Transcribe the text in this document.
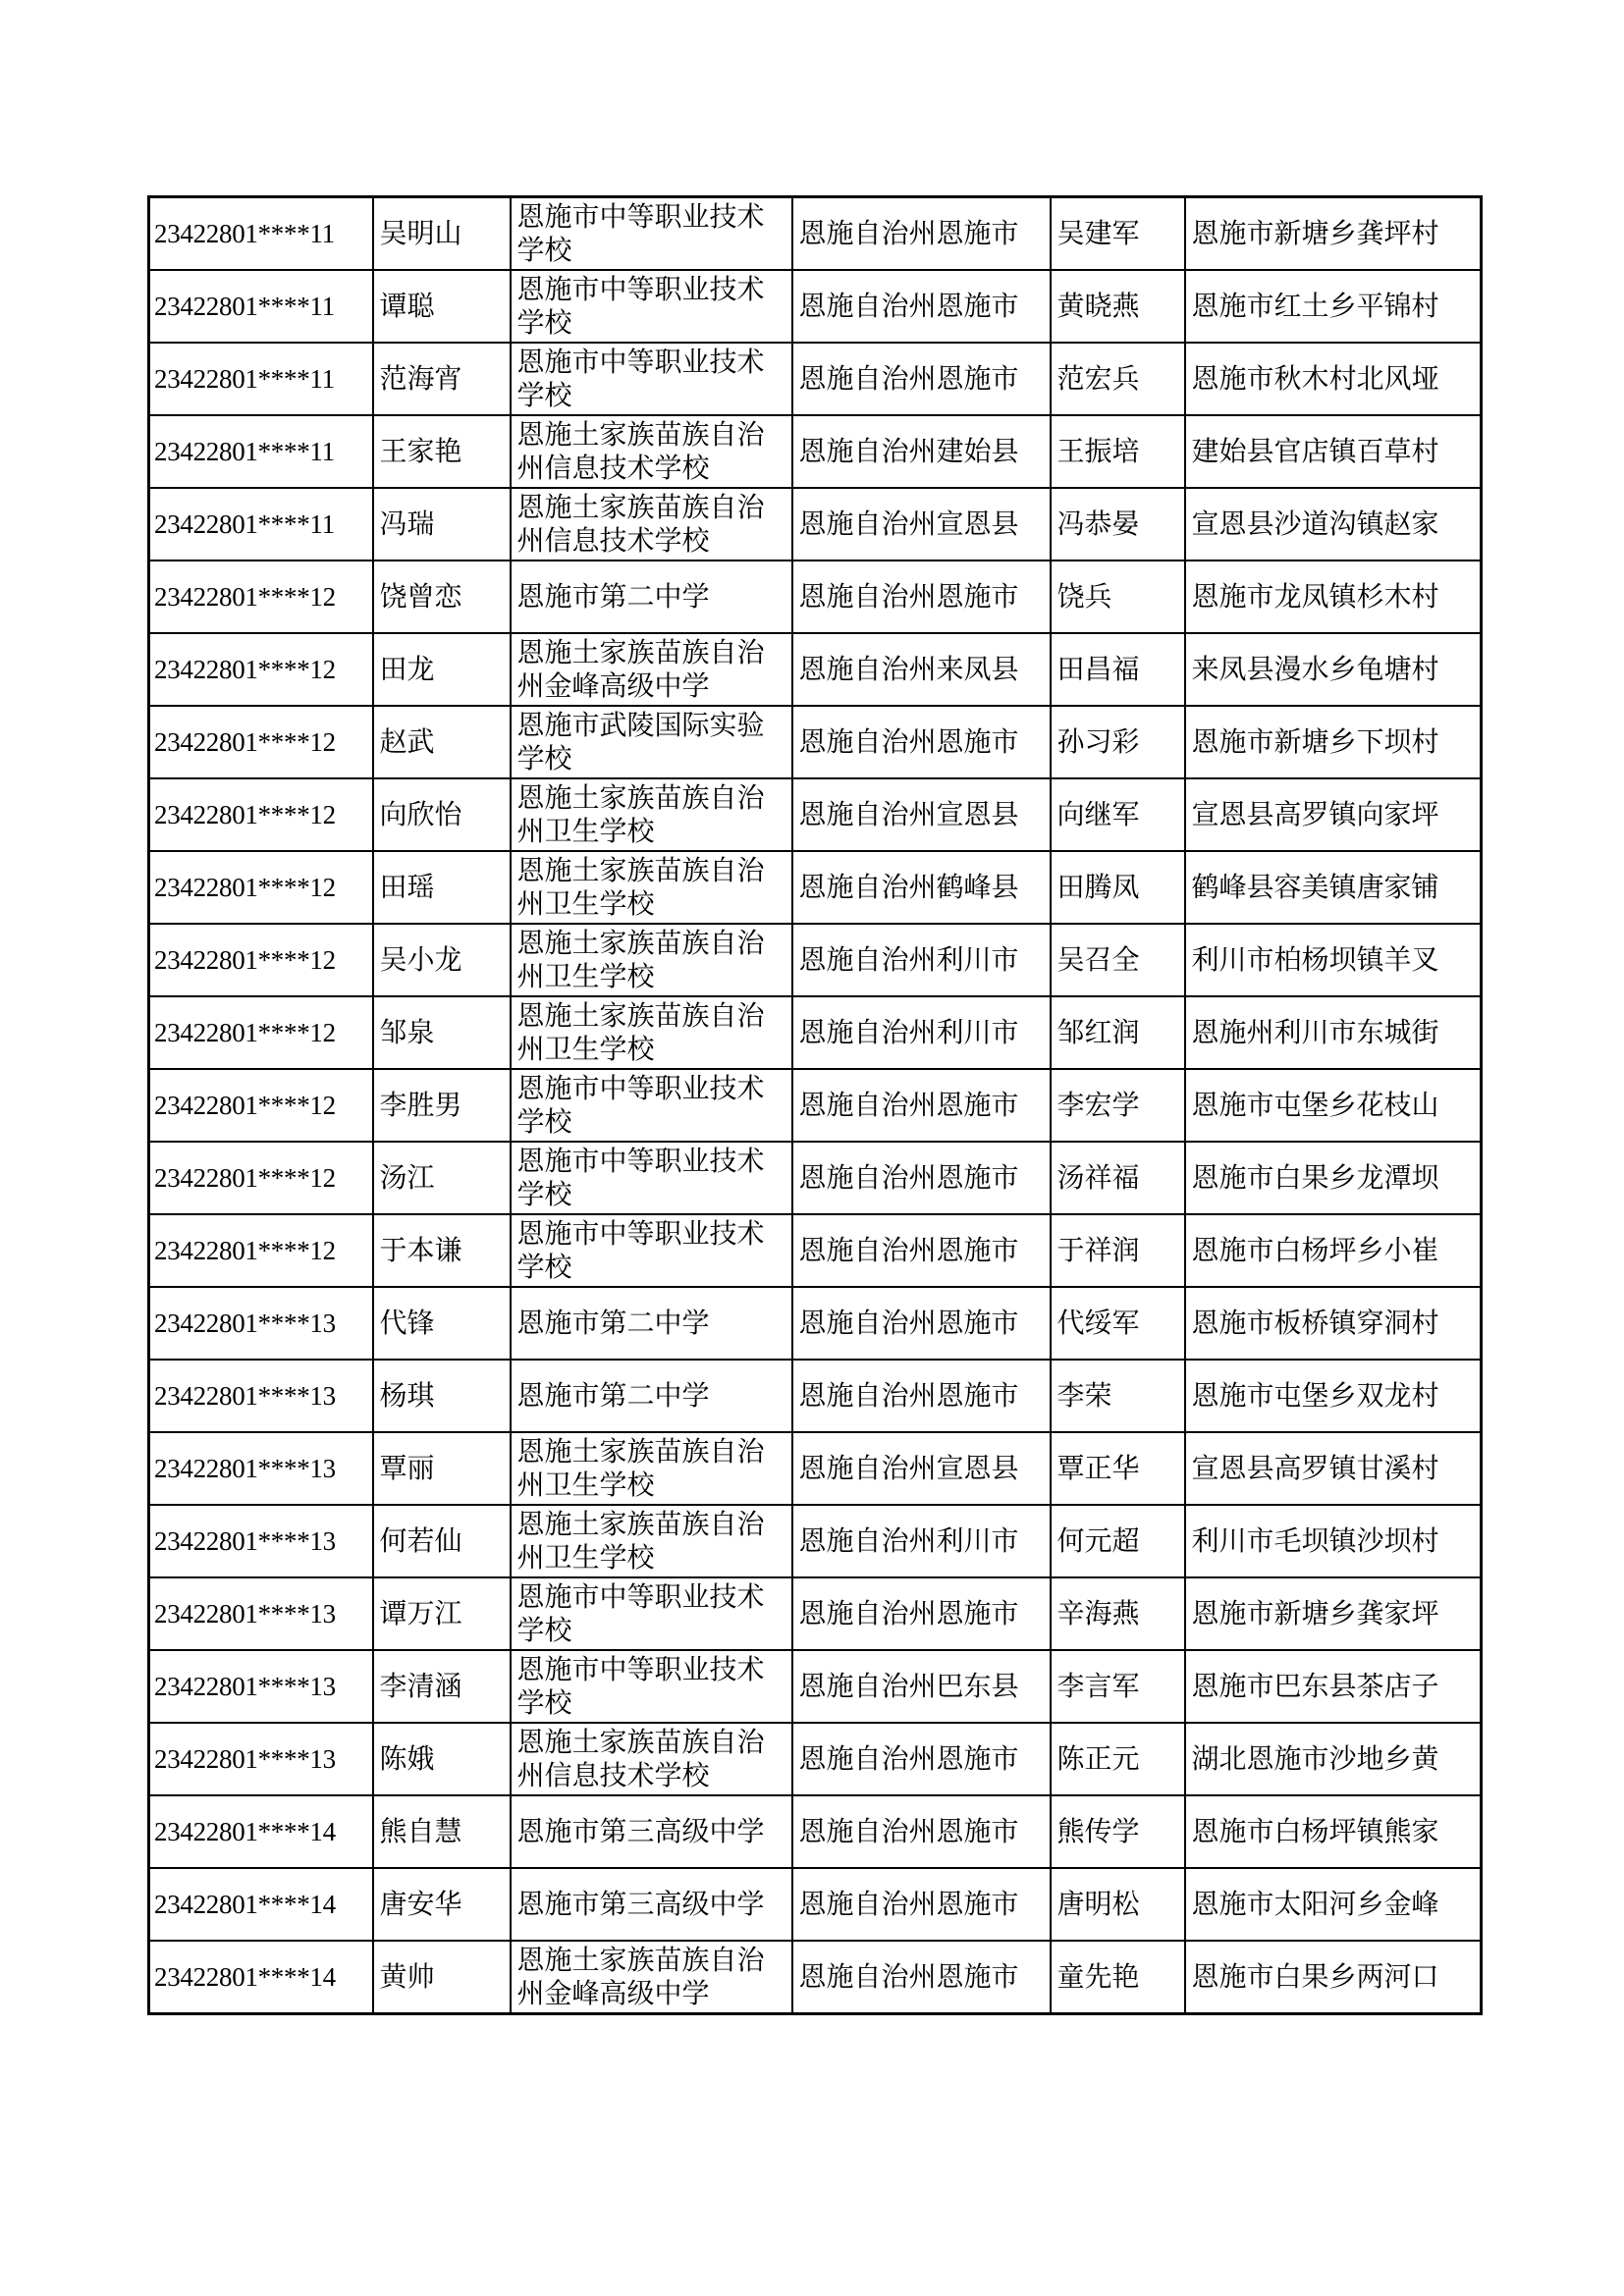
23422801****11	吴明山	恩施市中等职业技术学校	恩施自治州恩施市	吴建军	恩施市新塘乡龚坪村
23422801****11	谭聪	恩施市中等职业技术学校	恩施自治州恩施市	黄晓燕	恩施市红土乡平锦村
23422801****11	范海宵	恩施市中等职业技术学校	恩施自治州恩施市	范宏兵	恩施市秋木村北风垭
23422801****11	王家艳	恩施土家族苗族自治州信息技术学校	恩施自治州建始县	王振培	建始县官店镇百草村
23422801****11	冯瑞	恩施土家族苗族自治州信息技术学校	恩施自治州宣恩县	冯恭晏	宣恩县沙道沟镇赵家
23422801****12	饶曾恋	恩施市第二中学	恩施自治州恩施市	饶兵	恩施市龙凤镇杉木村
23422801****12	田龙	恩施土家族苗族自治州金峰高级中学	恩施自治州来凤县	田昌福	来凤县漫水乡龟塘村
23422801****12	赵武	恩施市武陵国际实验学校	恩施自治州恩施市	孙习彩	恩施市新塘乡下坝村
23422801****12	向欣怡	恩施土家族苗族自治州卫生学校	恩施自治州宣恩县	向继军	宣恩县高罗镇向家坪
23422801****12	田瑶	恩施土家族苗族自治州卫生学校	恩施自治州鹤峰县	田腾凤	鹤峰县容美镇唐家铺
23422801****12	吴小龙	恩施土家族苗族自治州卫生学校	恩施自治州利川市	吴召全	利川市柏杨坝镇羊叉
23422801****12	邹泉	恩施土家族苗族自治州卫生学校	恩施自治州利川市	邹红润	恩施州利川市东城街
23422801****12	李胜男	恩施市中等职业技术学校	恩施自治州恩施市	李宏学	恩施市屯堡乡花枝山
23422801****12	汤江	恩施市中等职业技术学校	恩施自治州恩施市	汤祥福	恩施市白果乡龙潭坝
23422801****12	于本谦	恩施市中等职业技术学校	恩施自治州恩施市	于祥润	恩施市白杨坪乡小崔
23422801****13	代锋	恩施市第二中学	恩施自治州恩施市	代绥军	恩施市板桥镇穿洞村
23422801****13	杨琪	恩施市第二中学	恩施自治州恩施市	李荣	恩施市屯堡乡双龙村
23422801****13	覃丽	恩施土家族苗族自治州卫生学校	恩施自治州宣恩县	覃正华	宣恩县高罗镇甘溪村
23422801****13	何若仙	恩施土家族苗族自治州卫生学校	恩施自治州利川市	何元超	利川市毛坝镇沙坝村
23422801****13	谭万江	恩施市中等职业技术学校	恩施自治州恩施市	辛海燕	恩施市新塘乡龚家坪
23422801****13	李清涵	恩施市中等职业技术学校	恩施自治州巴东县	李言军	恩施市巴东县茶店子
23422801****13	陈娥	恩施土家族苗族自治州信息技术学校	恩施自治州恩施市	陈正元	湖北恩施市沙地乡黄
23422801****14	熊自慧	恩施市第三高级中学	恩施自治州恩施市	熊传学	恩施市白杨坪镇熊家
23422801****14	唐安华	恩施市第三高级中学	恩施自治州恩施市	唐明松	恩施市太阳河乡金峰
23422801****14	黄帅	恩施土家族苗族自治州金峰高级中学	恩施自治州恩施市	童先艳	恩施市白果乡两河口
